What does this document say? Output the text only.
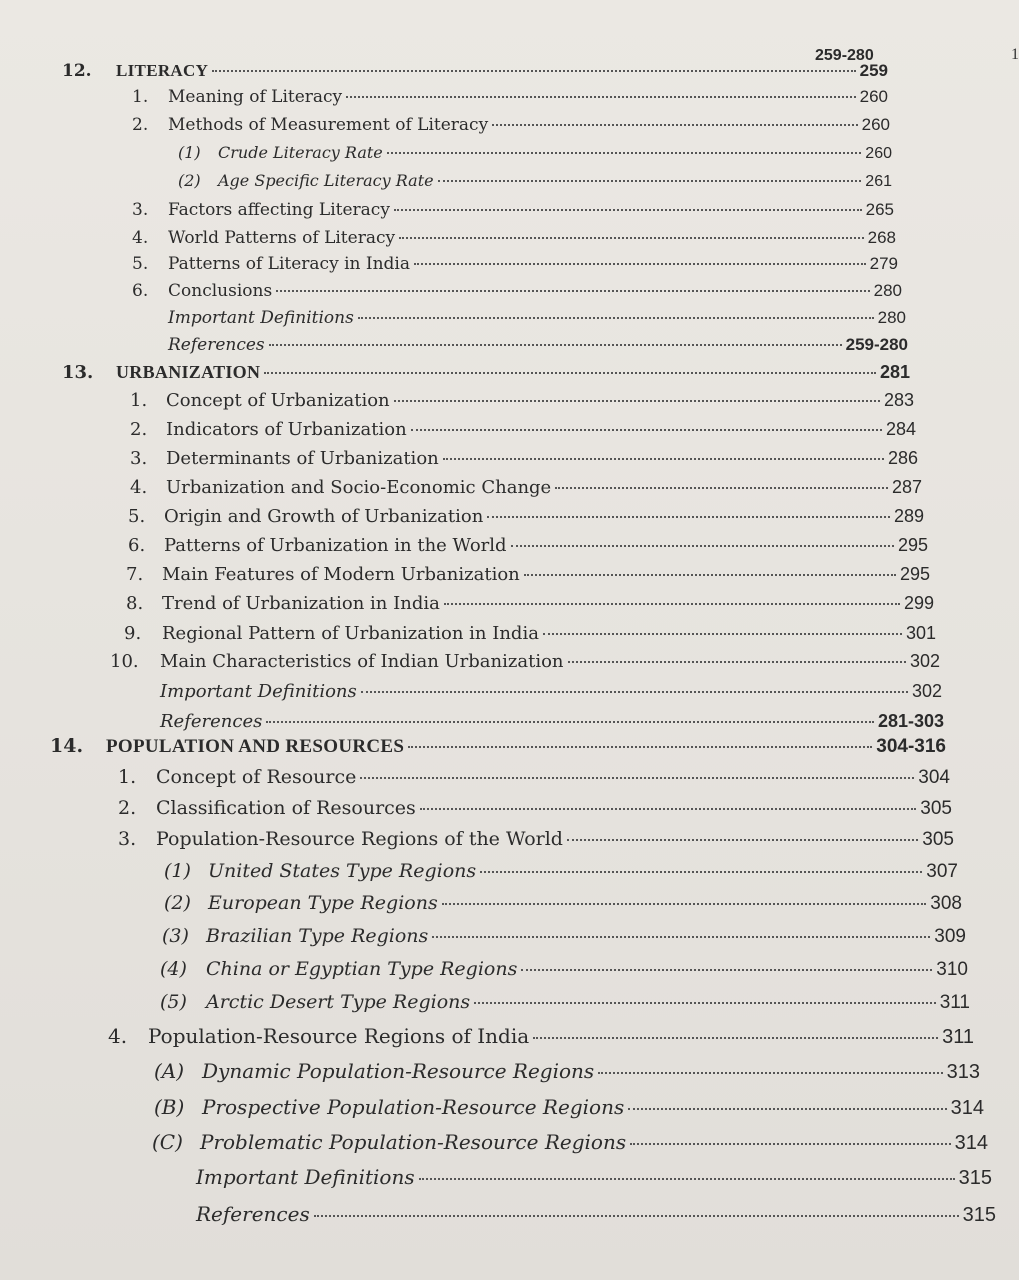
1
259-280
12.	LITERACY	259
1.	Meaning of Literacy	260
2.	Methods of Measurement of Literacy	260
(1)	Crude Literacy Rate	260
(2)	Age Specific Literacy Rate	261
3.	Factors affecting Literacy	265
4.	World Patterns of Literacy	268
5.	Patterns of Literacy in India	279
6.	Conclusions	280
Important Definitions	280
References	259-280
13.	URBANIZATION	281
1.	Concept of Urbanization	283
2.	Indicators of Urbanization	284
3.	Determinants of Urbanization	286
4.	Urbanization and Socio-Economic Change	287
5.	Origin and Growth of Urbanization	289
6.	Patterns of Urbanization in the World	295
7.	Main Features of Modern Urbanization	295
8.	Trend of Urbanization in India	299
9.	Regional Pattern of Urbanization in India	301
10.	Main Characteristics of Indian Urbanization	302
Important Definitions	302
References	281-303
14.	POPULATION AND RESOURCES	304-316
1.	Concept of Resource	304
2.	Classification of Resources	305
3.	Population-Resource Regions of the World	305
(1) United States Type Regions	307
(2) European Type Regions	308
(3) Brazilian Type Regions	309
(4)	China or Egyptian Type Regions	310
(5)	Arctic Desert Type Regions	311
4.	Population-Resource Regions of India	311
(A) Dynamic Population-Resource Regions	313
(B) Prospective Population-Resource Regions	314
(C) Problematic Population-Resource Regions	314
Important Definitions	315
References	315
